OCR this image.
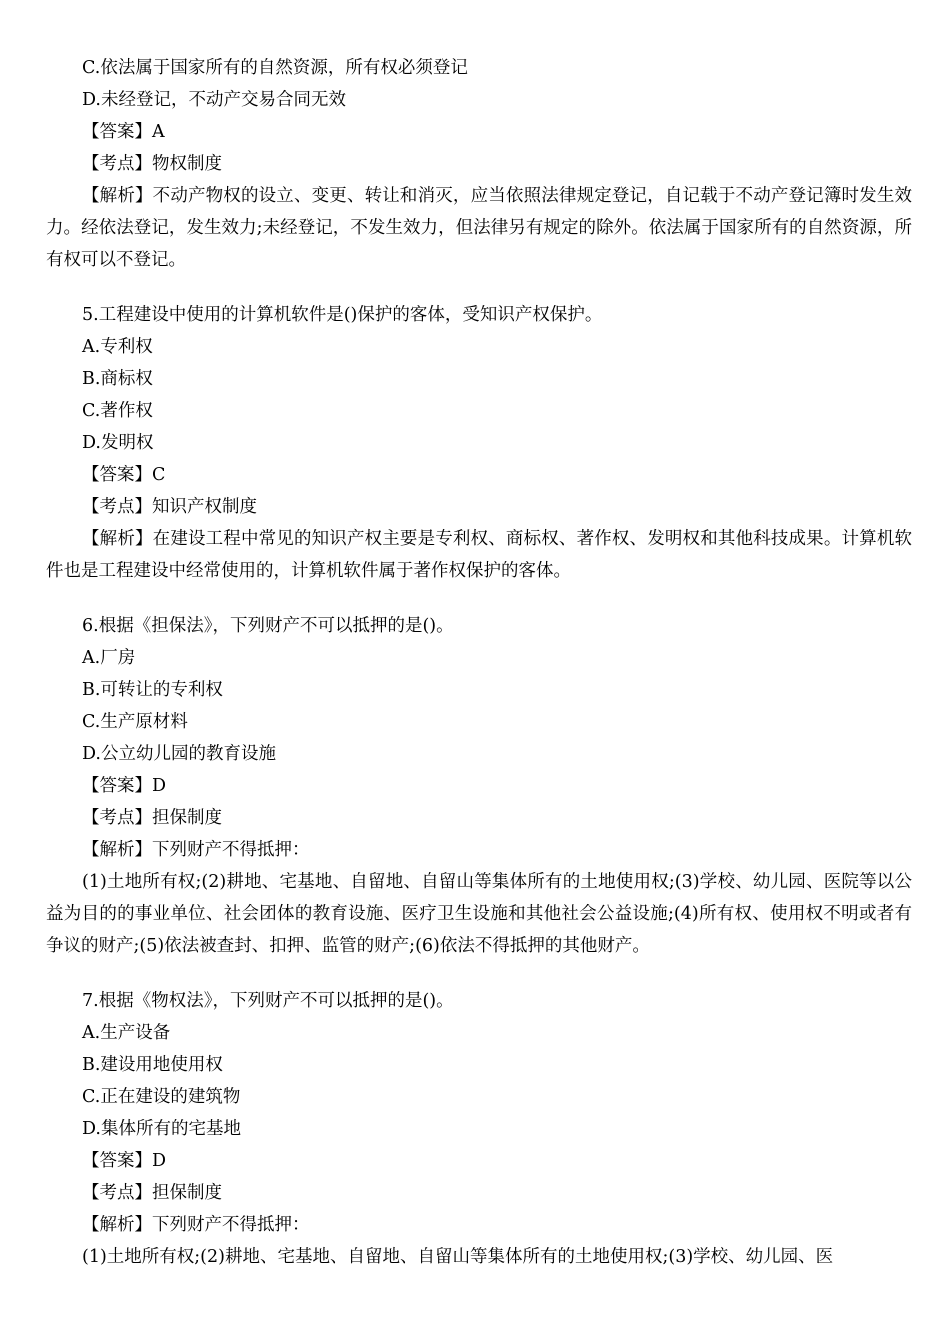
C.依法属于国家所有的自然资源，所有权必须登记
D.未经登记，不动产交易合同无效
【答案】A
【考点】物权制度
【解析】不动产物权的设立、变更、转让和消灭，应当依照法律规定登记，自记载于不动产登记簿时发生效力。经依法登记，发生效力;未经登记，不发生效力，但法律另有规定的除外。依法属于国家所有的自然资源，所有权可以不登记。
5.工程建设中使用的计算机软件是()保护的客体，受知识产权保护。
A.专利权
B.商标权
C.著作权
D.发明权
【答案】C
【考点】知识产权制度
【解析】在建设工程中常见的知识产权主要是专利权、商标权、著作权、发明权和其他科技成果。计算机软件也是工程建设中经常使用的，计算机软件属于著作权保护的客体。
6.根据《担保法》，下列财产不可以抵押的是()。
A.厂房
B.可转让的专利权
C.生产原材料
D.公立幼儿园的教育设施
【答案】D
【考点】担保制度
【解析】下列财产不得抵押：
(1)土地所有权;(2)耕地、宅基地、自留地、自留山等集体所有的土地使用权;(3)学校、幼儿园、医院等以公益为目的的事业单位、社会团体的教育设施、医疗卫生设施和其他社会公益设施;(4)所有权、使用权不明或者有争议的财产;(5)依法被查封、扣押、监管的财产;(6)依法不得抵押的其他财产。
7.根据《物权法》，下列财产不可以抵押的是()。
A.生产设备
B.建设用地使用权
C.正在建设的建筑物
D.集体所有的宅基地
【答案】D
【考点】担保制度
【解析】下列财产不得抵押：
(1)土地所有权;(2)耕地、宅基地、自留地、自留山等集体所有的土地使用权;(3)学校、幼儿园、医
